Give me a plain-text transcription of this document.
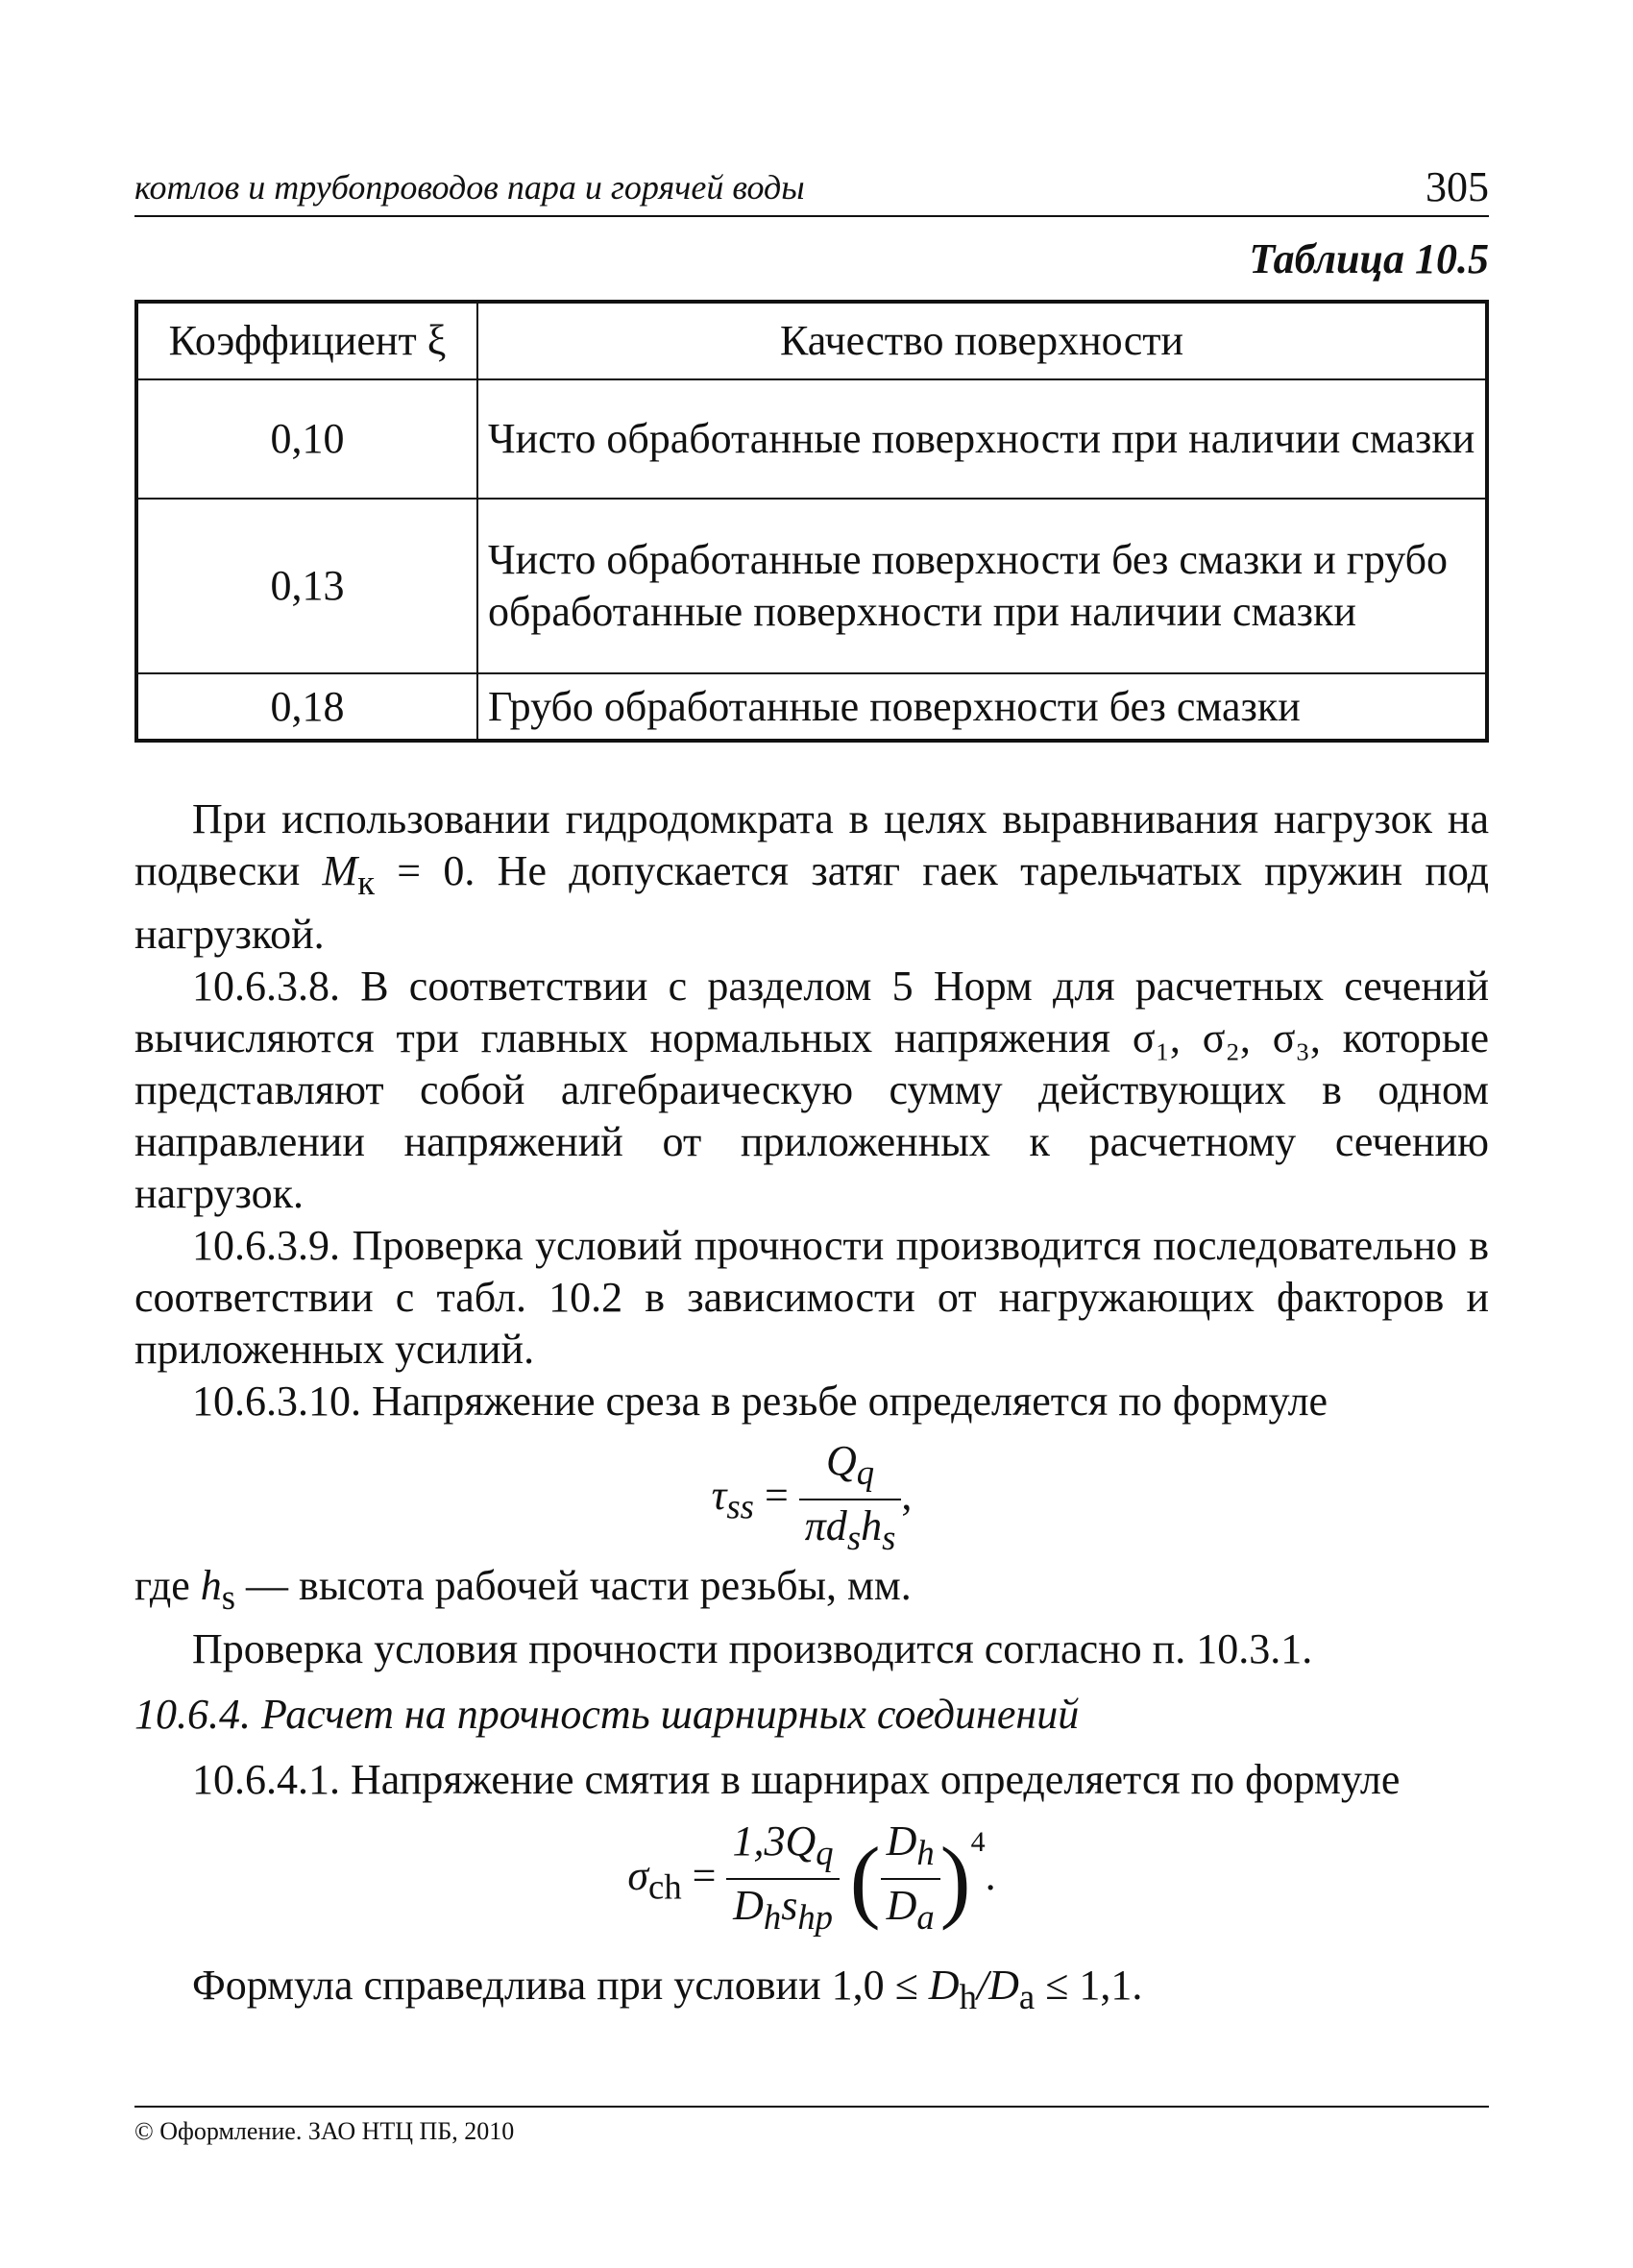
котлов и трубопроводов пара и горячей воды	305
Таблица 10.5
Коэффициент ξ	Качество поверхности
0,10	Чисто обработанные поверхности при наличии смазки
0,13	Чисто обработанные поверхности без смазки и грубо обработанные поверхности при наличии смазки
0,18	Грубо обработанные поверхности без смазки

При использовании гидродомкрата в целях выравнивания нагрузок на подвески $M_к = 0$. Не допускается затяг гаек тарельчатых пружин под нагрузкой.

10.6.3.8. В соответствии с разделом 5 Норм для расчетных сечений вычисляются три главных нормальных напряжения σ₁, σ₂, σ₃, которые представляют собой алгебраическую сумму действующих в одном направлении напряжений от приложенных к расчетному сечению нагрузок.

10.6.3.9. Проверка условий прочности производится последовательно в соответствии с табл. 10.2 в зависимости от нагружающих факторов и приложенных усилий.

10.6.3.10. Напряжение среза в резьбе определяется по формуле

$\tau_{ss} = \frac{Q_q}{\pi d_sh_s}$ ,

где $h_s$ — высота рабочей части резьбы, мм.

Проверка условия прочности производится согласно п. 10.3.1.

10.6.4. Расчет на прочность шарнирных соединений

10.6.4.1. Напряжение смятия в шарнирах определяется по формуле

$\sigma_{ch} = \frac{1,3Q_q}{D_hs_{hp}}$ ( $\frac{D_h}{D_a} )^4$.

Формула справедлива при условии $1,0 \le D_h/D_a \le 1,1$.

© Оформление. ЗАО НТЦ ПБ, 2010
